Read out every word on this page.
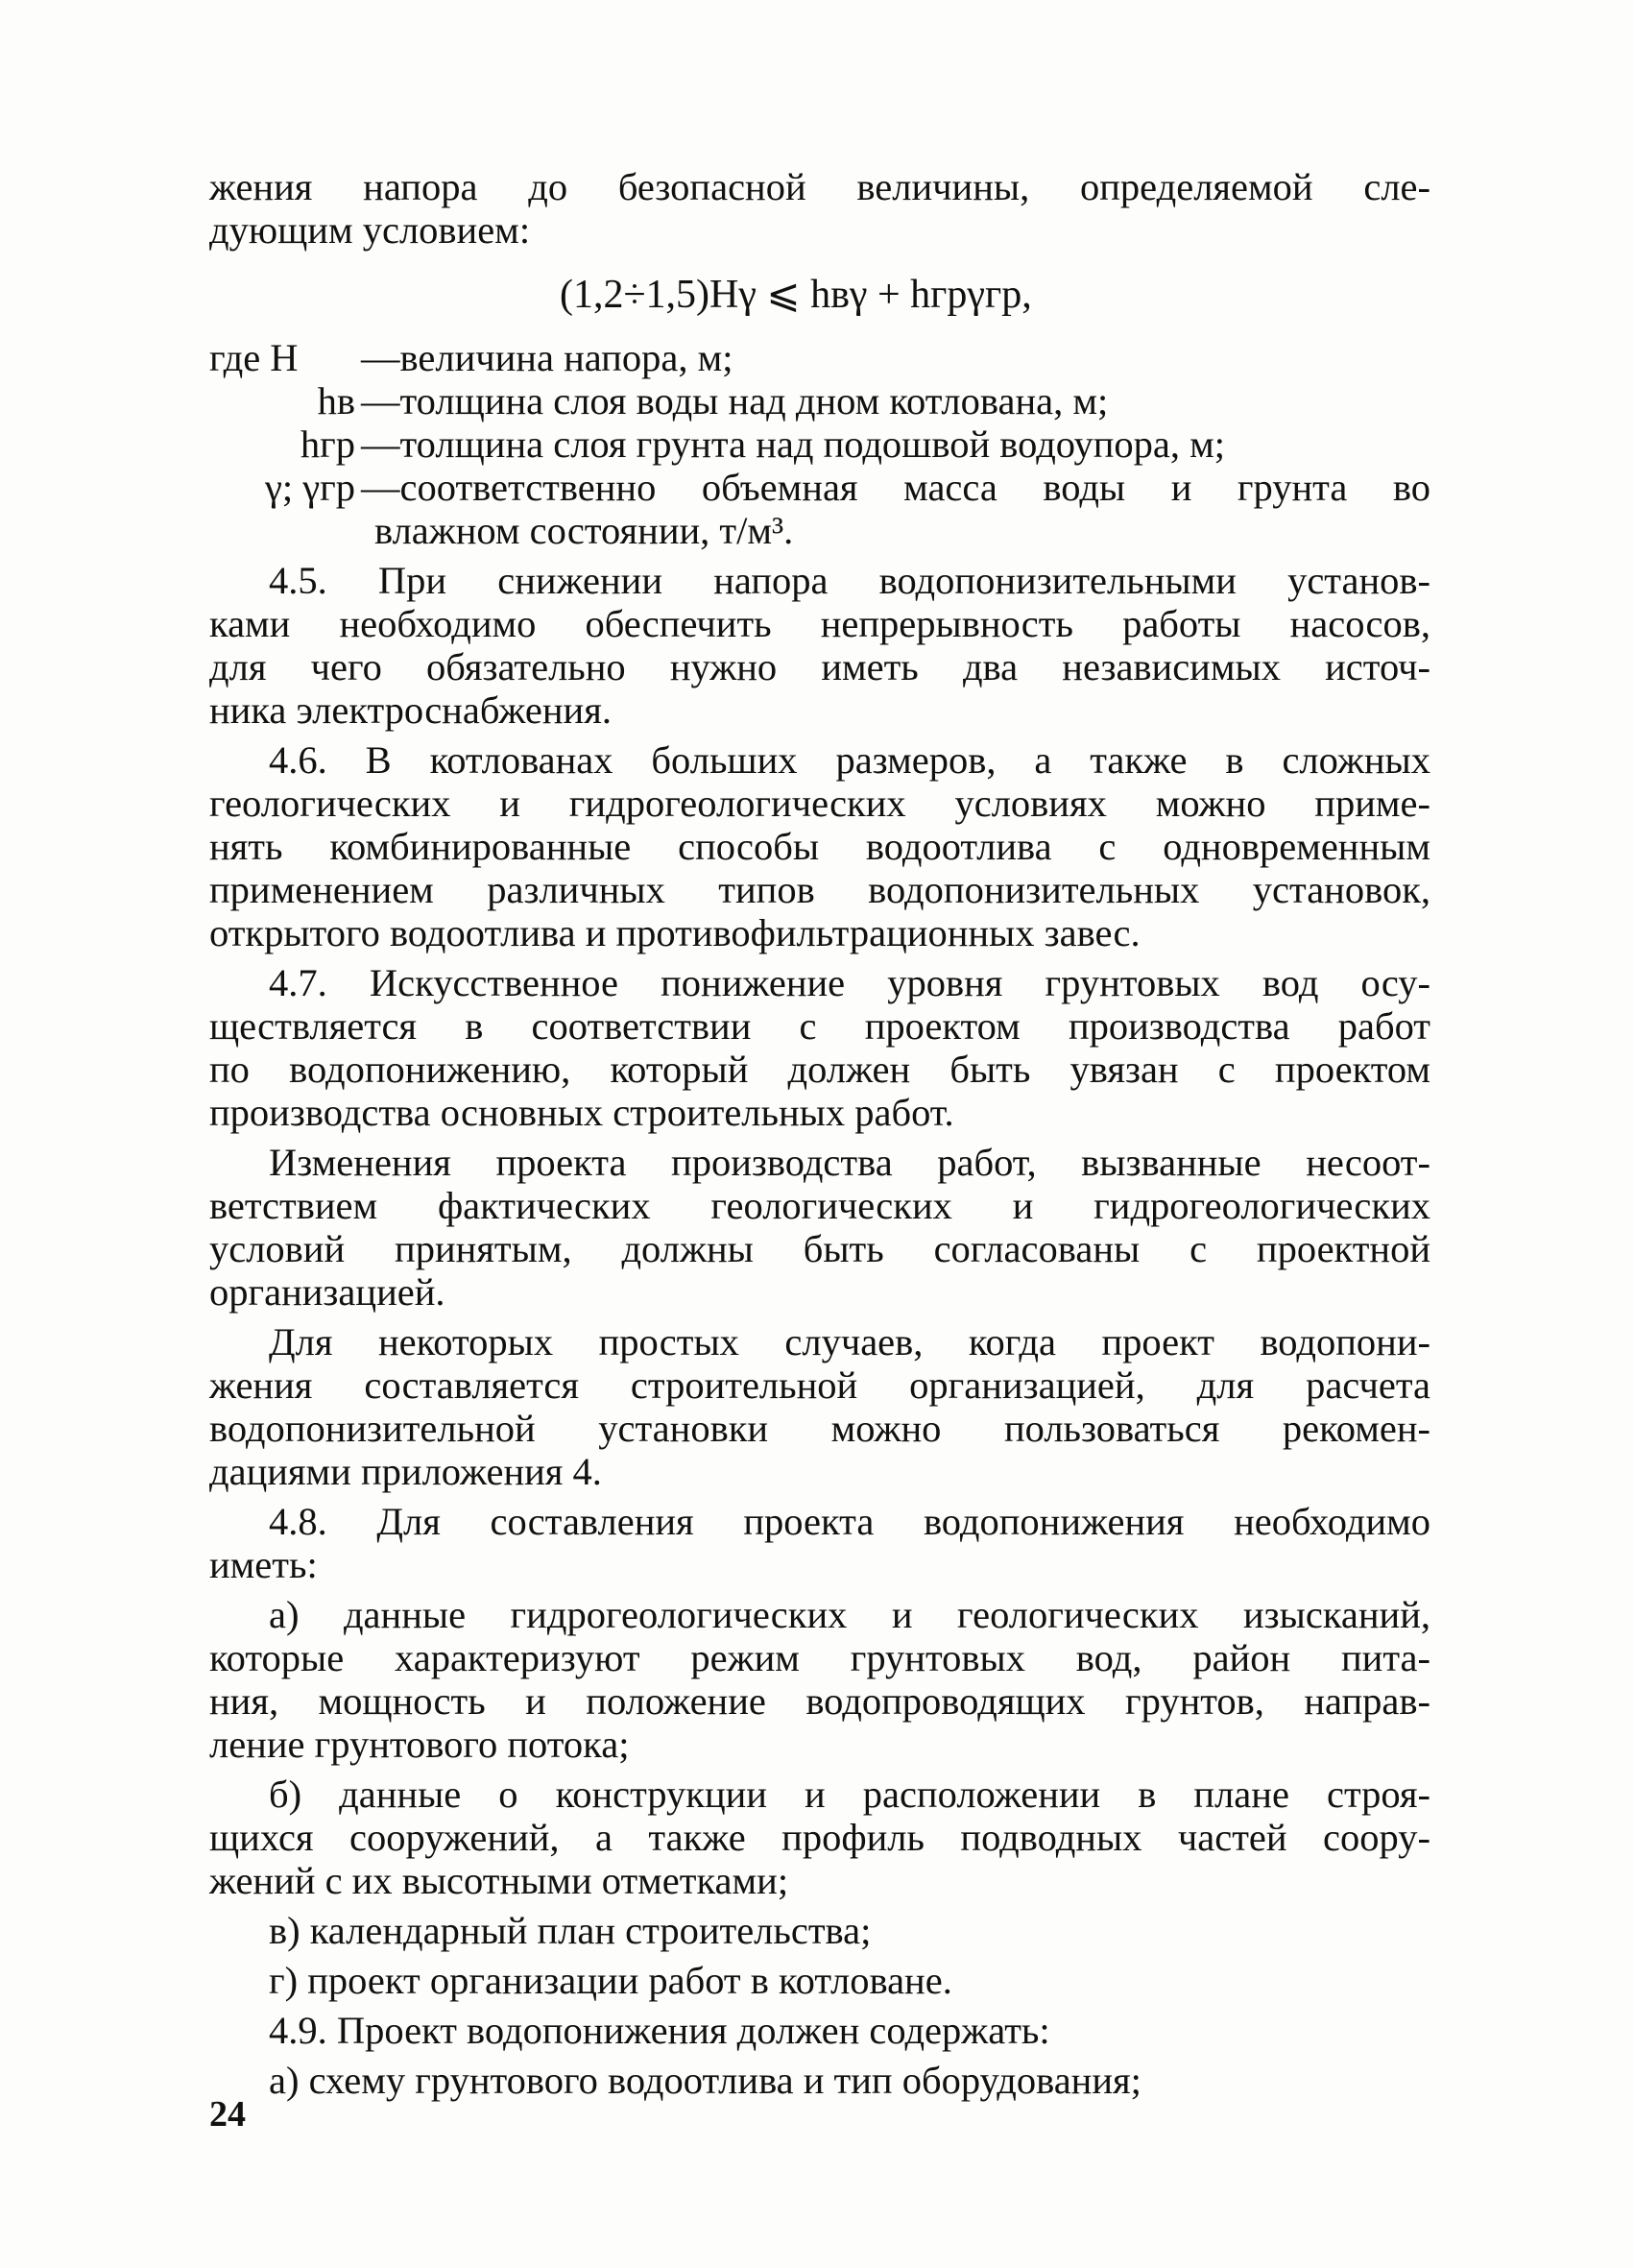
жения напора до безопасной величины, определяемой сле-
дующим условием:
(1,2÷1,5)Hγ ⩽ hвγ + hгрγгр,
где H	—величина напора, м;
hв —толщина слоя воды над дном котлована, м;
hгр —толщина слоя грунта над подошвой водоупора, м;
γ; γгр —соответственно объемная масса воды и грунта во
влажном состоянии, т/м³.
4.5. При снижении напора водопонизительными установ-
ками необходимо обеспечить непрерывность работы насосов,
для чего обязательно нужно иметь два независимых источ-
ника электроснабжения.
4.6. В котлованах больших размеров, а также в сложных
геологических и гидрогеологических условиях можно приме-
нять комбинированные способы водоотлива с одновременным
применением различных типов водопонизительных установок,
открытого водоотлива и противофильтрационных завес.
4.7. Искусственное понижение уровня грунтовых вод осу-
ществляется в соответствии с проектом производства работ
по водопонижению, который должен быть увязан с проектом
производства основных строительных работ.
Изменения проекта производства работ, вызванные несоот-
ветствием фактических геологических и гидрогеологических
условий принятым, должны быть согласованы с проектной
организацией.
Для некоторых простых случаев, когда проект водопони-
жения составляется строительной организацией, для расчета
водопонизительной установки можно пользоваться рекомен-
дациями приложения 4.
4.8. Для составления проекта водопонижения необходимо
иметь:
а) данные гидрогеологических и геологических изысканий,
которые характеризуют режим грунтовых вод, район пита-
ния, мощность и положение водопроводящих грунтов, направ-
ление грунтового потока;
б) данные о конструкции и расположении в плане строя-
щихся сооружений, а также профиль подводных частей соору-
жений с их высотными отметками;
в) календарный план строительства;
г) проект организации работ в котловане.
4.9. Проект водопонижения должен содержать:
а) схему грунтового водоотлива и тип оборудования;
24
